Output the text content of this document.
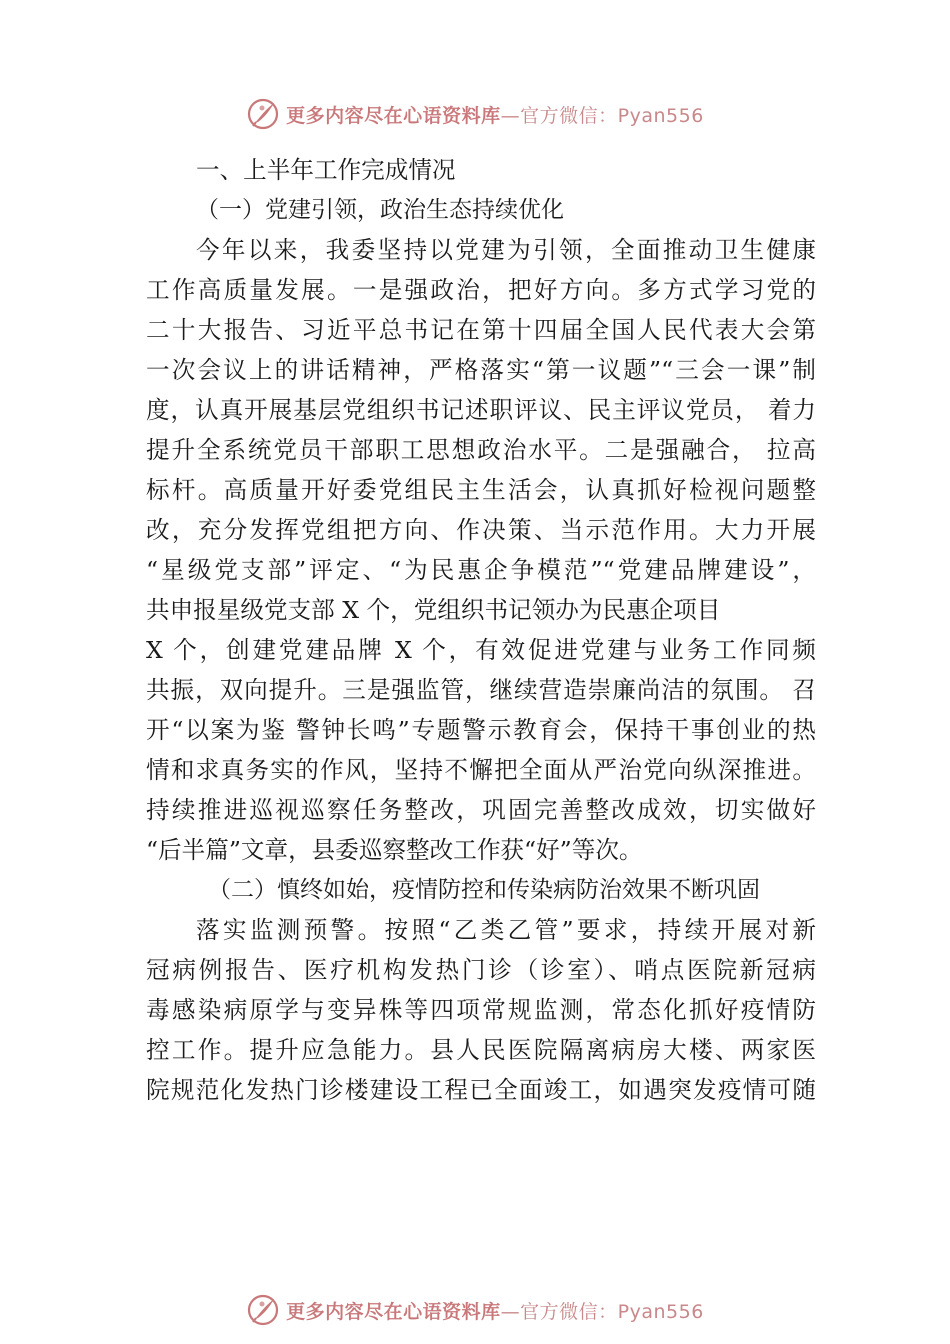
更多内容尽在心语资料库—官方微信：Pyan556
一、上半年工作完成情况
（一）党建引领，政治生态持续优化
今年以来，我委坚持以党建为引领，全面推动卫生健康
工作高质量发展。一是强政治，把好方向。多方式学习党的
二十大报告、习近平总书记在第十四届全国人民代表大会第
一次会议上的讲话精神，严格落实“第一议题”“三会一课”制
度，认真开展基层党组织书记述职评议、民主评议党员， 着力
提升全系统党员干部职工思想政治水平。二是强融合， 拉高
标杆。高质量开好委党组民主生活会，认真抓好检视问题整
改，充分发挥党组把方向、作决策、当示范作用。大力开展
“星级党支部”评定、“为民惠企争模范”“党建品牌建设”，
共申报星级党支部 X 个，党组织书记领办为民惠企项目
X 个，创建党建品牌 X 个，有效促进党建与业务工作同频
共振，双向提升。三是强监管，继续营造崇廉尚洁的氛围。 召
开“以案为鉴 警钟长鸣”专题警示教育会，保持干事创业的热
情和求真务实的作风，坚持不懈把全面从严治党向纵深推进。
持续推进巡视巡察任务整改，巩固完善整改成效，切实做好
“后半篇”文章，县委巡察整改工作获“好”等次。
（二）慎终如始，疫情防控和传染病防治效果不断巩固
落实监测预警。按照“乙类乙管”要求，持续开展对新
冠病例报告、医疗机构发热门诊（诊室）、哨点医院新冠病
毒感染病原学与变异株等四项常规监测，常态化抓好疫情防
控工作。提升应急能力。县人民医院隔离病房大楼、两家医
院规范化发热门诊楼建设工程已全面竣工，如遇突发疫情可随
更多内容尽在心语资料库—官方微信：Pyan556
